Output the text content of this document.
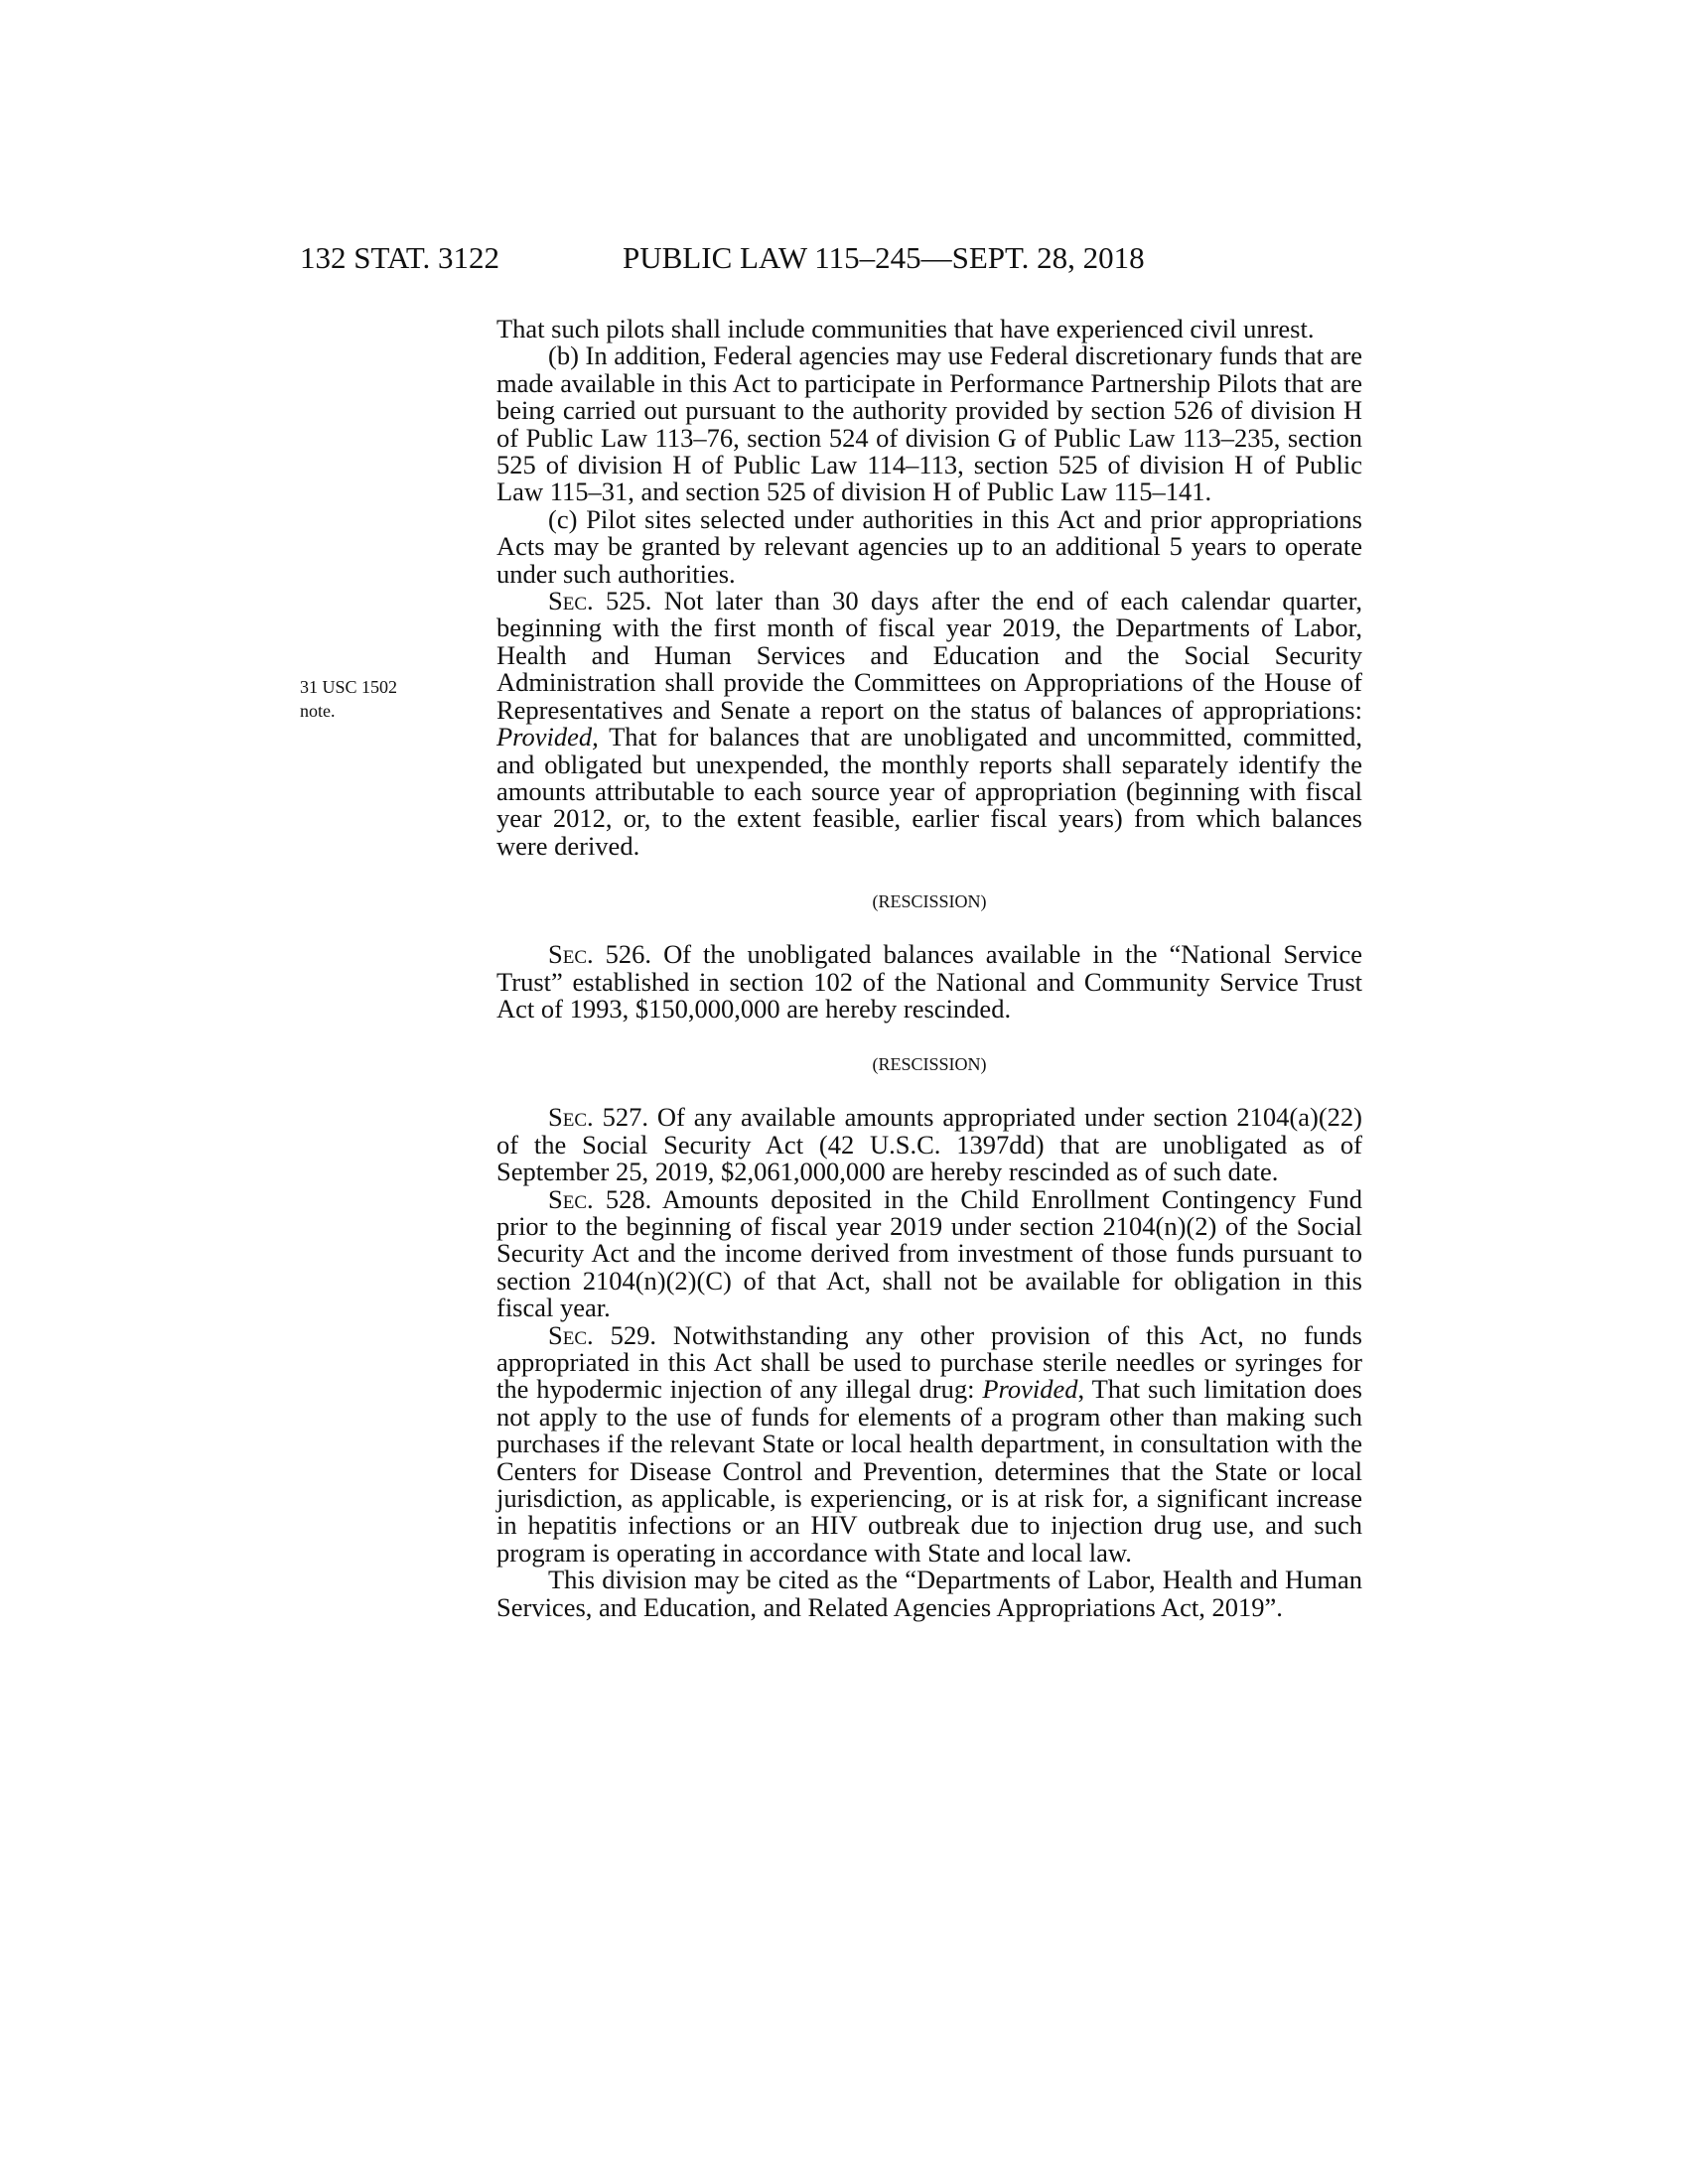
132 STAT. 3122	PUBLIC LAW 115–245—SEPT. 28, 2018
31 USC 1502
note.

That such pilots shall include communities that have experienced civil unrest.

(b) In addition, Federal agencies may use Federal discretionary funds that are made available in this Act to participate in Performance Partnership Pilots that are being carried out pursuant to the authority provided by section 526 of division H of Public Law 113–76, section 524 of division G of Public Law 113–235, section 525 of division H of Public Law 114–113, section 525 of division H of Public Law 115–31, and section 525 of division H of Public Law 115–141.

(c) Pilot sites selected under authorities in this Act and prior appropriations Acts may be granted by relevant agencies up to an additional 5 years to operate under such authorities.

Sec. 525. Not later than 30 days after the end of each calendar quarter, beginning with the first month of fiscal year 2019, the Departments of Labor, Health and Human Services and Education and the Social Security Administration shall provide the Committees on Appropriations of the House of Representatives and Senate a report on the status of balances of appropriations: Provided, That for balances that are unobligated and uncommitted, committed, and obligated but unexpended, the monthly reports shall separately identify the amounts attributable to each source year of appropriation (beginning with fiscal year 2012, or, to the extent feasible, earlier fiscal years) from which balances were derived.

(RESCISSION)

Sec. 526. Of the unobligated balances available in the “National Service Trust” established in section 102 of the National and Community Service Trust Act of 1993, $150,000,000 are hereby rescinded.

(RESCISSION)

Sec. 527. Of any available amounts appropriated under section 2104(a)(22) of the Social Security Act (42 U.S.C. 1397dd) that are unobligated as of September 25, 2019, $2,061,000,000 are hereby rescinded as of such date.

Sec. 528. Amounts deposited in the Child Enrollment Contingency Fund prior to the beginning of fiscal year 2019 under section 2104(n)(2) of the Social Security Act and the income derived from investment of those funds pursuant to section 2104(n)(2)(C) of that Act, shall not be available for obligation in this fiscal year.

Sec. 529. Notwithstanding any other provision of this Act, no funds appropriated in this Act shall be used to purchase sterile needles or syringes for the hypodermic injection of any illegal drug: Provided, That such limitation does not apply to the use of funds for elements of a program other than making such purchases if the relevant State or local health department, in consultation with the Centers for Disease Control and Prevention, determines that the State or local jurisdiction, as applicable, is experiencing, or is at risk for, a significant increase in hepatitis infections or an HIV outbreak due to injection drug use, and such program is operating in accordance with State and local law.

This division may be cited as the “Departments of Labor, Health and Human Services, and Education, and Related Agencies Appropriations Act, 2019”.
